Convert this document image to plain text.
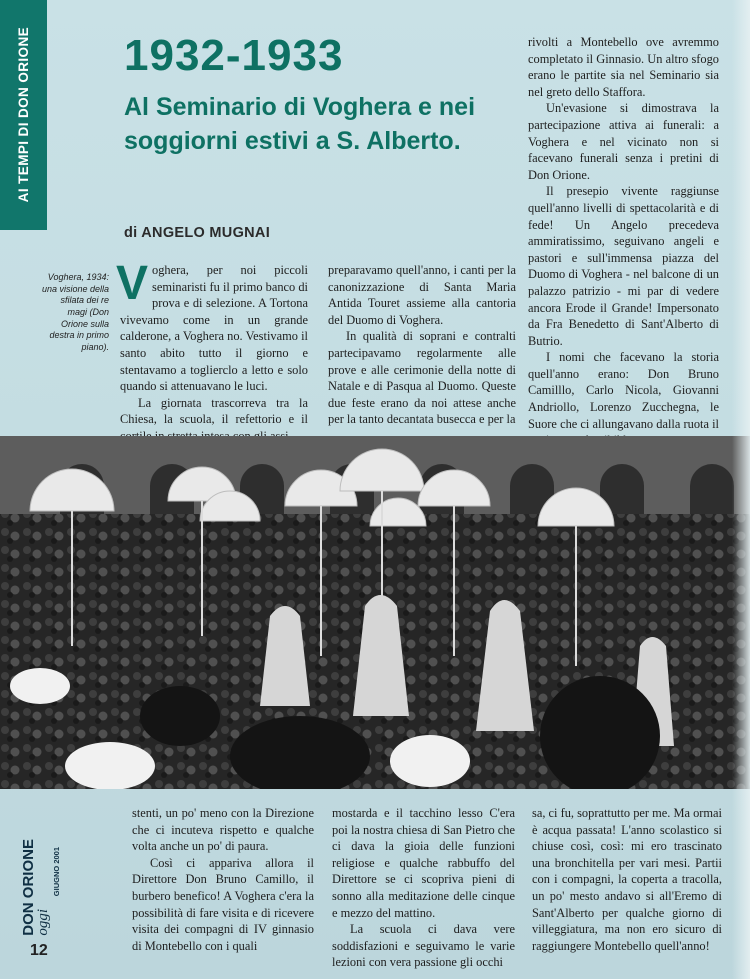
AI TEMPI DI DON ORIONE 1932-1933
Al Seminario di Voghera e nei soggiorni estivi a S. Alberto.
di ANGELO MUGNAI
Voghera, 1934: una visione della sfilata dei re magi (Don Orione sulla destra in primo piano).

Voghera, per noi piccoli seminaristi fu il primo banco di prova e di selezione. A Tortona vivevamo come in un grande calderone, a Voghera no. Vestivamo il santo abito tutto il giorno e stentavamo a toglierclo a letto e solo quando si attenuavano le luci.

La giornata trascorreva tra la Chiesa, la scuola, il refettorio e il

preparavamo quell'anno, i canti per la canonizzazione di Santa Maria Antida Touret assieme alla cantoria del Duomo di Voghera.

In qualità di soprani e contralti partecipavamo regolarmente alle prove e alle cerimonie della notte di Natale e di Pasqua al Duomo. Queste due feste erano da noi attese anche per la tanto decantata busecca e per la

rivolti a Montebello ove avremmo completato il Ginnasio. Un altro sfogo erano le partite sia nel Seminario sia nel greto dello Staffora.

Un'evasione si dimostrava la partecipazione attiva ai funerali: a Voghera e nel vicinato non si facevano funerali senza i pretini di Don Orione.

Il presepio vivente raggiunse quell'anno livelli di spettacolarità e di fede! Un Angelo precedeva ammiratissimo, seguivano angeli e pastori e sull'immensa piazza del Duomo di Voghera - nel balcone di un palazzo patrizio - mi par di vedere ancora Erode il Grande! Impersonato da Fra Benedetto di Sant'Alberto di Butrio.

I nomi che facevano la storia quell'anno erano: Don Bruno Camilllo, Carlo Nicola, Giovanni Andriollo, Lorenzo Zucchegna, le Suore che ci allungavano dalla ruota il

stenti, un po' meno con la Direzione che ci incuteva rispetto e qualche volta anche un po' di paura.

Così ci appariva allora il Direttore Don Bruno Camillo, il burbero benefico! A Voghera c'era la possibilità di fare visita e di ricevere visita dei compagni di IV ginnasio di Montebello con i quali

mostarda e il tacchino lesso C'era poi la nostra chiesa di San Pietro che ci dava la gioia delle funzioni religiose e qualche rabbuffo del Direttore se ci scopriva pieni di sonno alla meditazione delle cinque e mezzo del mattino.

La scuola ci dava vere soddisfazioni e seguivamo le varie lezioni con vera passione gli occhi

sa, ci fu, soprattutto per me. Ma ormai è acqua passata! L'anno scolastico si chiuse così, così: mi ero trascinato una bronchitella per vari mesi. Partii con i compagni, la coperta a tracolla, un po' mesto andavo si all'Eremo di Sant'Alberto per qualche giorno di villeggiatura, ma non ero sicuro di raggiungere Montebello quell'anno!

DON ORIONE
oggi
GIUGNO 2001
12
